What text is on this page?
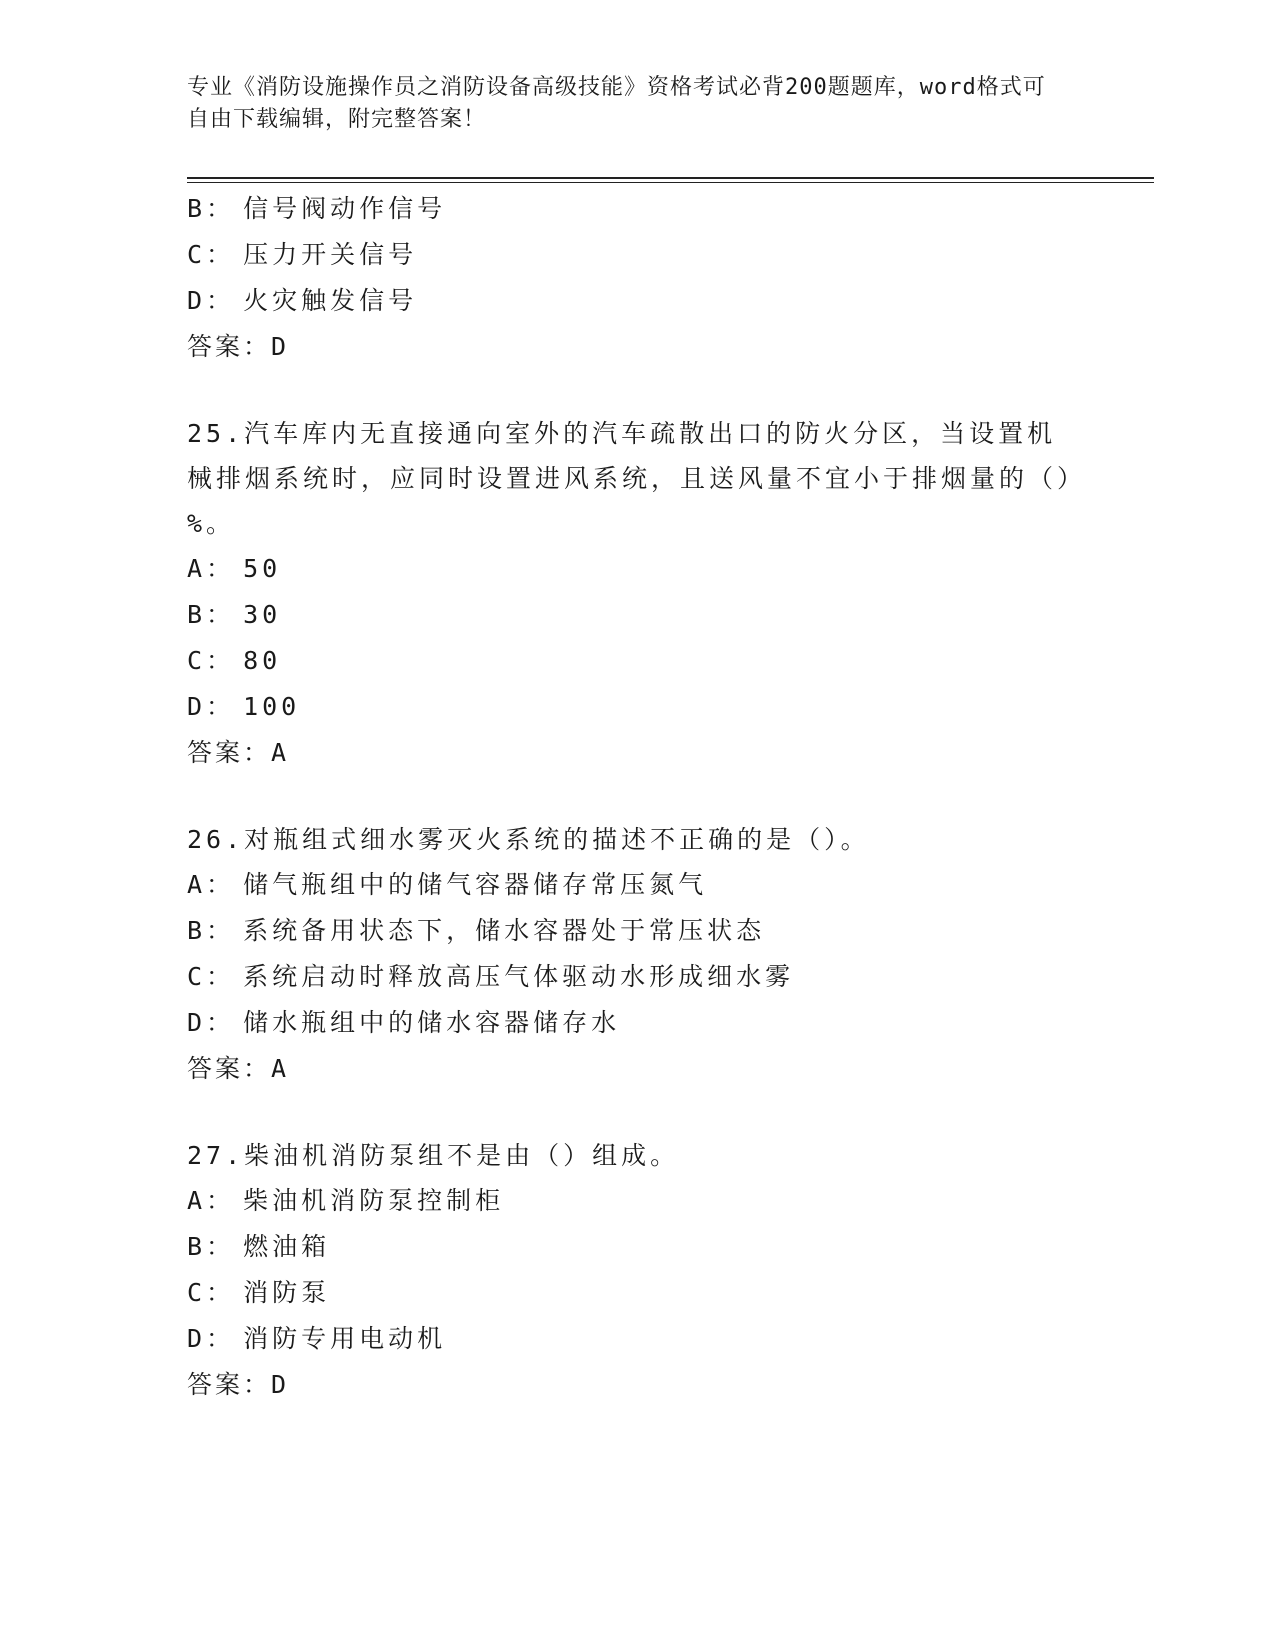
专业《消防设施操作员之消防设备高级技能》资格考试必背200题题库，word格式可自由下载编辑，附完整答案！
B： 信号阀动作信号
C： 压力开关信号
D： 火灾触发信号
答案：D
25.汽车库内无直接通向室外的汽车疏散出口的防火分区，当设置机械排烟系统时，应同时设置进风系统，且送风量不宜小于排烟量的（）%。
A： 50
B： 30
C： 80
D： 100
答案：A
26.对瓶组式细水雾灭火系统的描述不正确的是（）。
A： 储气瓶组中的储气容器储存常压氮气
B： 系统备用状态下，储水容器处于常压状态
C： 系统启动时释放高压气体驱动水形成细水雾
D： 储水瓶组中的储水容器储存水
答案：A
27.柴油机消防泵组不是由（）组成。
A： 柴油机消防泵控制柜
B： 燃油箱
C： 消防泵
D： 消防专用电动机
答案：D
